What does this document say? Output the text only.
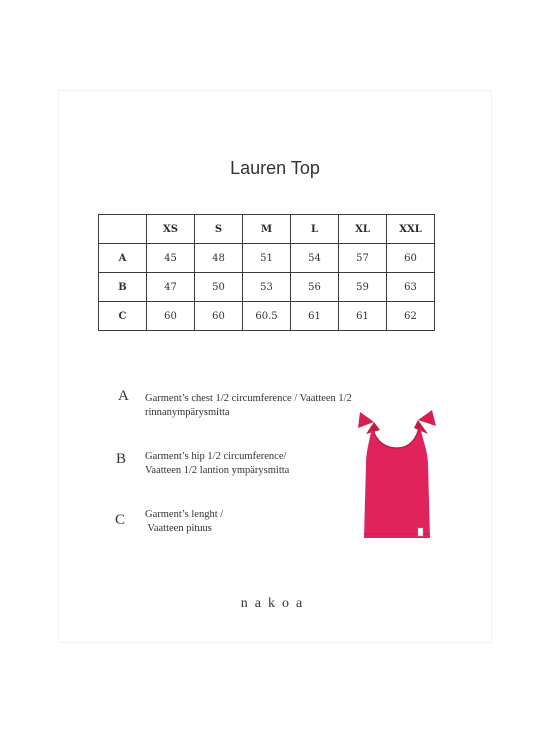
Lauren Top
	XS	S	M	L	XL	XXL
A	45	48	51	54	57	60
B	47	50	53	56	59	63
C	60	60	60.5	61	61	62
A Garment’s chest 1/2 circumference / Vaatteen 1/2
rinnanympärysmitta
B Garment’s hip 1/2 circumference/
Vaatteen 1/2 lantion ympärysmitta
C Garment’s lenght /
Vaatteen pituus
nakoa
